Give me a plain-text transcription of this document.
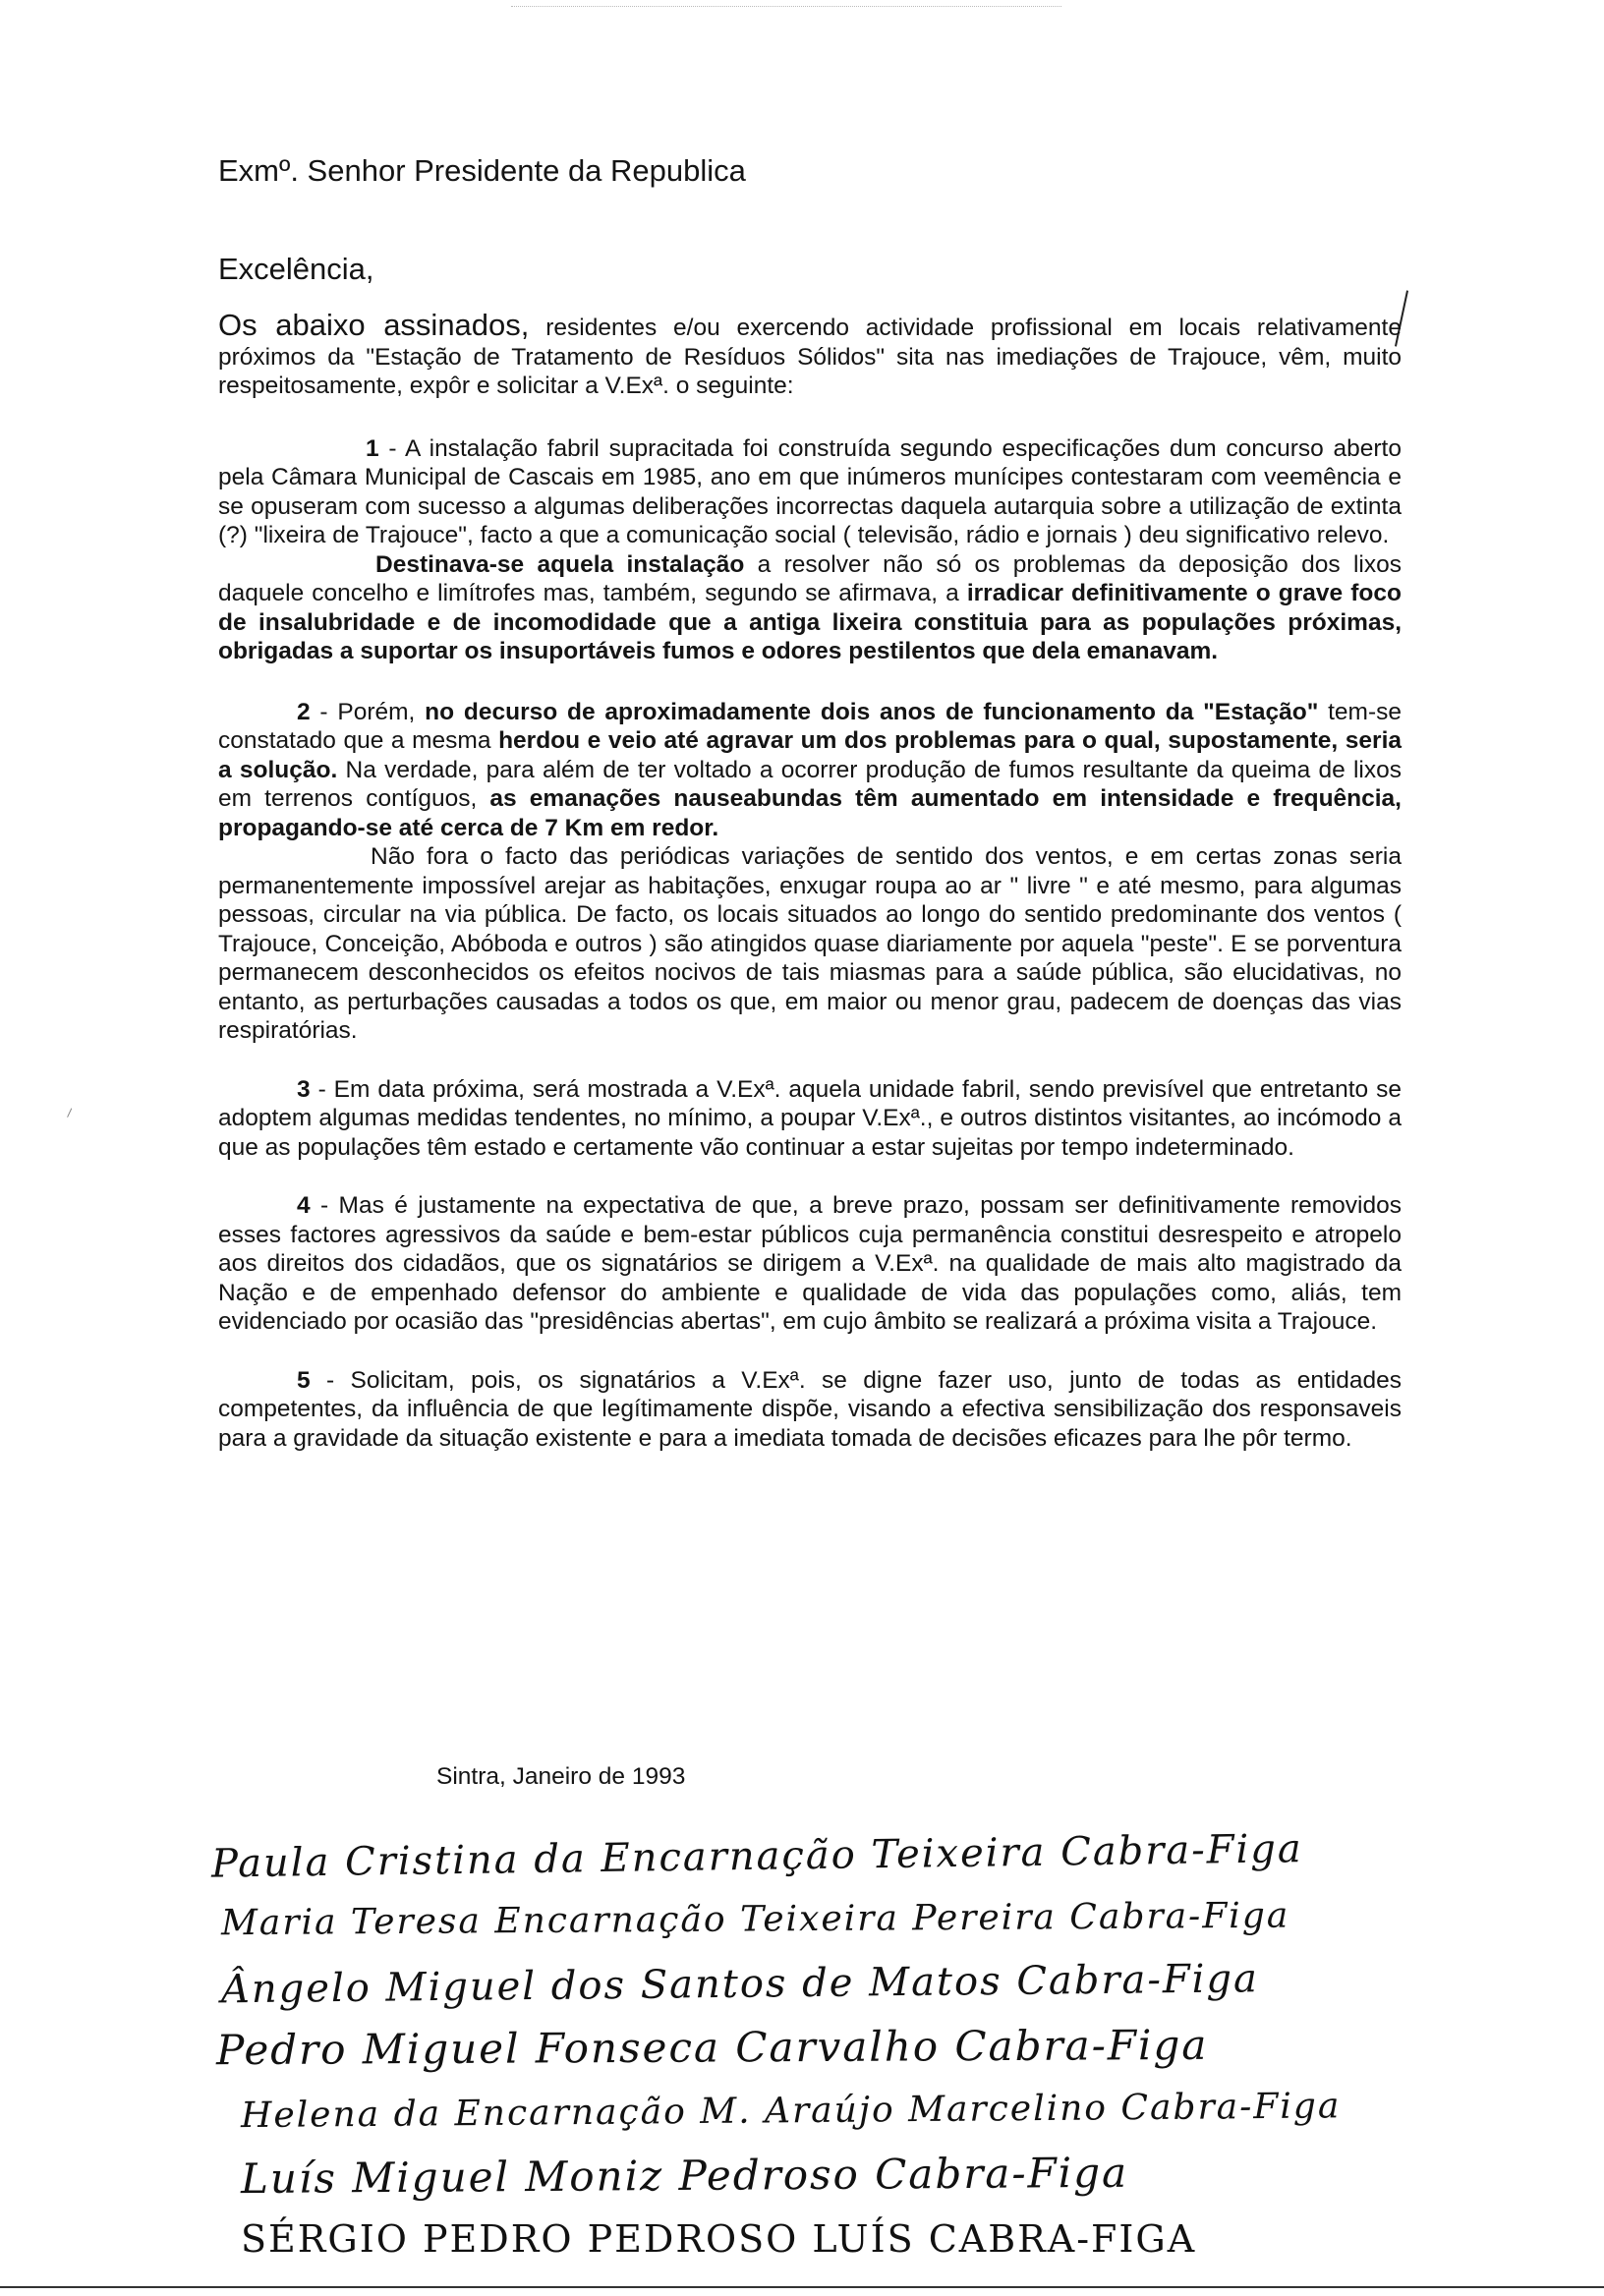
Exmº. Senhor Presidente da Republica
Excelência,

Os abaixo assinados, residentes e/ou exercendo actividade profissional em locais relativamente próximos da "Estação de Tratamento de Resíduos Sólidos" sita nas imediações de Trajouce, vêm, muito respeitosamente, expôr e solicitar a V.Exª. o seguinte:

1 - A instalação fabril supracitada foi construída segundo especificações dum concurso aberto pela Câmara Municipal de Cascais em 1985, ano em que inúmeros munícipes contestaram com veemência e se opuseram com sucesso a algumas deliberações incorrectas daquela autarquia sobre a utilização de extinta (?) "lixeira de Trajouce", facto a que a comunicação social ( televisão, rádio e jornais ) deu significativo relevo.

Destinava-se aquela instalação a resolver não só os problemas da deposição dos lixos daquele concelho e limítrofes mas, também, segundo se afirmava, a irradicar definitivamente o grave foco de insalubridade e de incomodidade que a antiga lixeira constituia para as populações próximas, obrigadas a suportar os insuportáveis fumos e odores pestilentos que dela emanavam.

2 - Porém, no decurso de aproximadamente dois anos de funcionamento da "Estação" tem-se constatado que a mesma herdou e veio até agravar um dos problemas para o qual, supostamente, seria a solução. Na verdade, para além de ter voltado a ocorrer produção de fumos resultante da queima de lixos em terrenos contíguos, as emanações nauseabundas têm aumentado em intensidade e frequência, propagando-se até cerca de 7 Km em redor.

Não fora o facto das periódicas variações de sentido dos ventos, e em certas zonas seria permanentemente impossível arejar as habitações, enxugar roupa ao ar " livre " e até mesmo, para algumas pessoas, circular na via pública. De facto, os locais situados ao longo do sentido predominante dos ventos ( Trajouce, Conceição, Abóboda e outros ) são atingidos quase diariamente por aquela "peste". E se porventura permanecem desconhecidos os efeitos nocivos de tais miasmas para a saúde pública, são elucidativas, no entanto, as perturbações causadas a todos os que, em maior ou menor grau, padecem de doenças das vias respiratórias.

3 - Em data próxima, será mostrada a V.Exª. aquela unidade fabril, sendo previsível que entretanto se adoptem algumas medidas tendentes, no mínimo, a poupar V.Exª., e outros distintos visitantes, ao incómodo a que as populações têm estado e certamente vão continuar a estar sujeitas por tempo indeterminado.

4 - Mas é justamente na expectativa de que, a breve prazo, possam ser definitivamente removidos esses factores agressivos da saúde e bem-estar públicos cuja permanência constitui desrespeito e atropelo aos direitos dos cidadãos, que os signatários se dirigem a V.Exª. na qualidade de mais alto magistrado da Nação e de empenhado defensor do ambiente e qualidade de vida das populações como, aliás, tem evidenciado por ocasião das "presidências abertas", em cujo âmbito se realizará a próxima visita a Trajouce.

5 - Solicitam, pois, os signatários a V.Exª. se digne fazer uso, junto de todas as entidades competentes, da influência de que legítimamente dispõe, visando a efectiva sensibilização dos responsaveis para a gravidade da situação existente e para a imediata tomada de decisões eficazes para lhe pôr termo.

Sintra, Janeiro de 1993
Paula Cristina da Encarnação Teixeira Cabra-Figa
Maria Teresa Encarnação Teixeira Pereira Cabra-Figa
Ângelo Miguel dos Santos de Matos Cabra-Figa
Pedro Miguel Fonseca Carvalho Cabra-Figa
Helena da Encarnação M. Araújo Marcelino Cabra-Figa
Luís Miguel Moniz Pedroso Cabra-Figa
SÉRGIO PEDRO PEDROSO LUÍS CABRA-FIGA
